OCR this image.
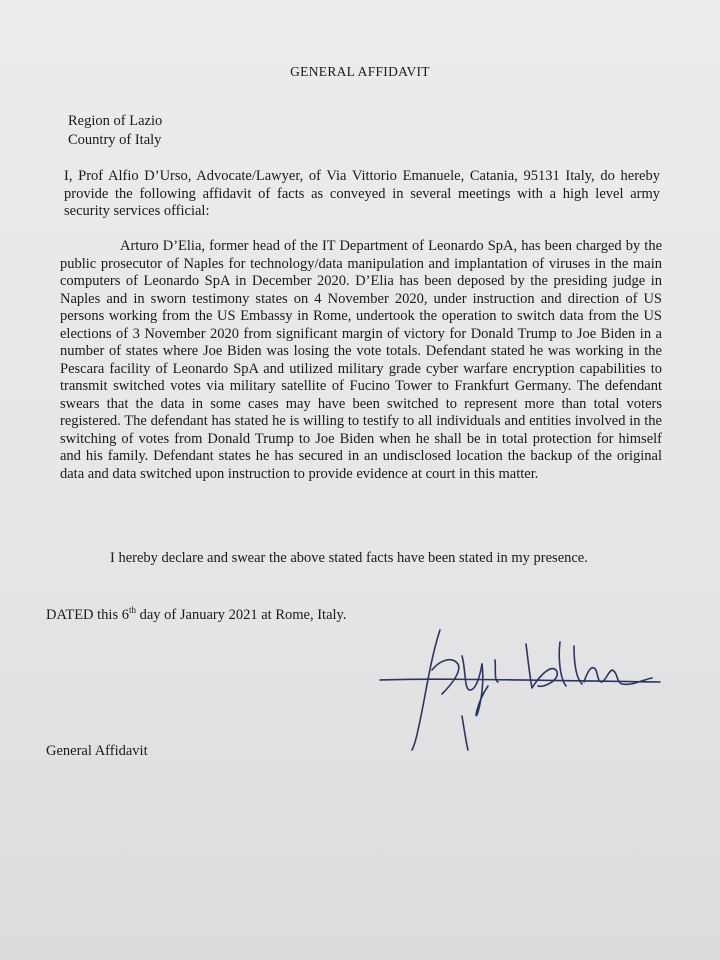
GENERAL AFFIDAVIT
Region of Lazio
Country of Italy
I, Prof Alfio D’Urso, Advocate/Lawyer, of Via Vittorio Emanuele, Catania, 95131 Italy, do hereby provide the following affidavit of facts as conveyed in several meetings with a high level army security services official:
Arturo D’Elia, former head of the IT Department of Leonardo SpA, has been charged by the public prosecutor of Naples for technology/data manipulation and implantation of viruses in the main computers of Leonardo SpA in December 2020. D’Elia has been deposed by the presiding judge in Naples and in sworn testimony states on 4 November 2020, under instruction and direction of US persons working from the US Embassy in Rome, undertook the operation to switch data from the US elections of 3 November 2020 from significant margin of victory for Donald Trump to Joe Biden in a number of states where Joe Biden was losing the vote totals. Defendant stated he was working in the Pescara facility of Leonardo SpA and utilized military grade cyber warfare encryption capabilities to transmit switched votes via military satellite of Fucino Tower to Frankfurt Germany. The defendant swears that the data in some cases may have been switched to represent more than total voters registered. The defendant has stated he is willing to testify to all individuals and entities involved in the switching of votes from Donald Trump to Joe Biden when he shall be in total protection for himself and his family. Defendant states he has secured in an undisclosed location the backup of the original data and data switched upon instruction to provide evidence at court in this matter.
I hereby declare and swear the above stated facts have been stated in my presence.
DATED this 6th day of January 2021 at Rome, Italy.
General Affidavit
